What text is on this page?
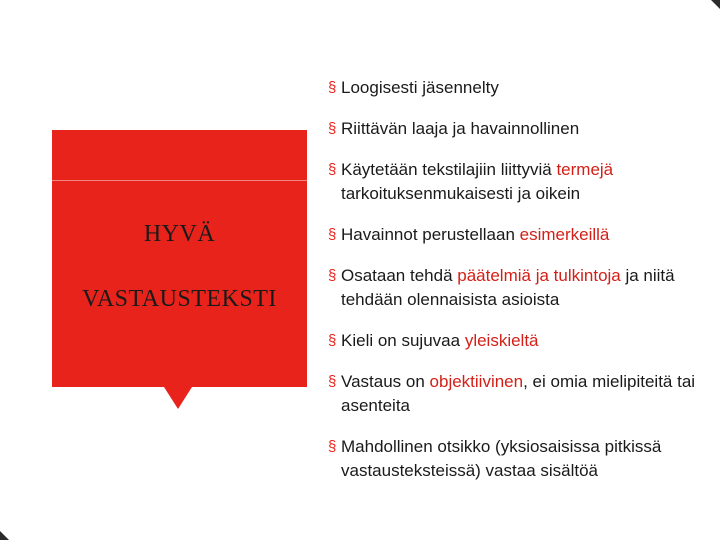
HYVÄ
VASTAUSTEKSTI
§ Loogisesti jäsennelty
§ Riittävän laaja ja havainnollinen
§ Käytetään tekstilajiin liittyviä termejä tarkoituksenmukaisesti ja oikein
§ Havainnot perustellaan esimerkeillä
§ Osataan tehdä päätelmiä ja tulkintoja ja niitä tehdään olennaisista asioista
§ Kieli on sujuvaa yleiskieltä
§ Vastaus on objektiivinen, ei omia mielipiteitä tai asenteita
§ Mahdollinen otsikko (yksiosaisissa pitkissä vastausteksteissä) vastaa sisältöä
